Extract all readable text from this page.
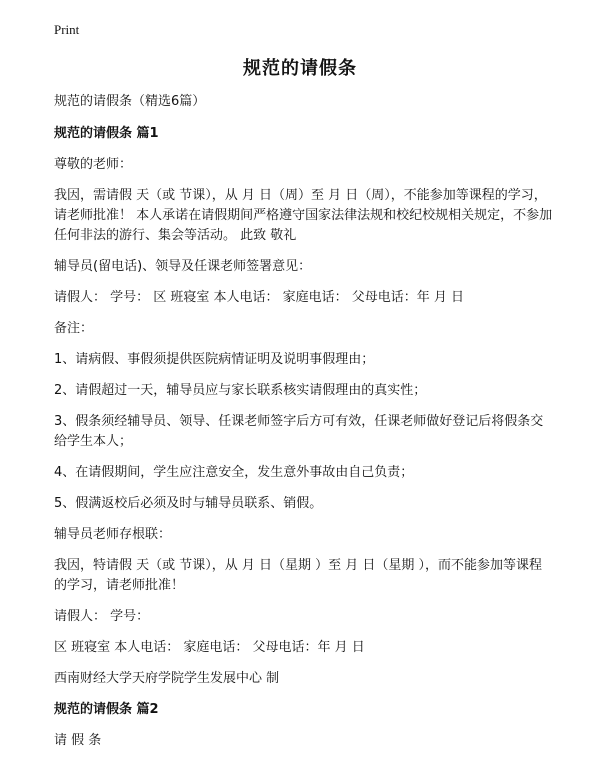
Print
规范的请假条
规范的请假条（精选6篇）
规范的请假条 篇1
尊敬的老师：
我因，需请假 天（或 节课），从 月 日（周）至 月 日（周），不能参加等课程的学习，请老师批准！ 本人承诺在请假期间严格遵守国家法律法规和校纪校规相关规定，不参加任何非法的游行、集会等活动。 此致 敬礼
辅导员(留电话)、领导及任课老师签署意见：
请假人： 学号： 区 班寝室 本人电话： 家庭电话： 父母电话：年 月 日
备注：
1、请病假、事假须提供医院病情证明及说明事假理由；
2、请假超过一天，辅导员应与家长联系核实请假理由的真实性；
3、假条须经辅导员、领导、任课老师签字后方可有效，任课老师做好登记后将假条交给学生本人；
4、在请假期间，学生应注意安全，发生意外事故由自己负责；
5、假满返校后必须及时与辅导员联系、销假。
辅导员老师存根联：
我因，特请假 天（或 节课），从 月 日（星期 ）至 月 日（星期 ），而不能参加等课程的学习，请老师批准！
请假人： 学号：
区 班寝室 本人电话： 家庭电话： 父母电话：年 月 日
西南财经大学天府学院学生发展中心 制
规范的请假条 篇2
请 假 条
